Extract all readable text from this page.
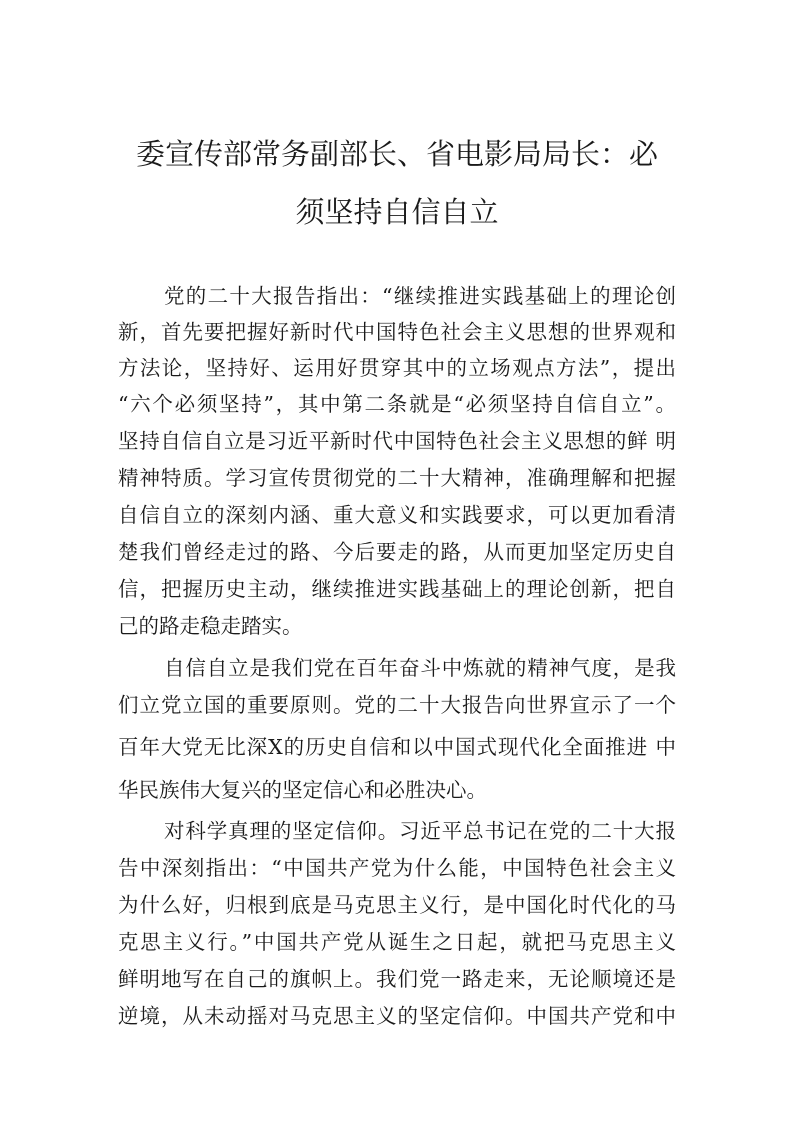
委宣传部常务副部长、省电影局局长：必
须坚持自信自立
党的二十大报告指出：“继续推进实践基础上的理论创
新，首先要把握好新时代中国特色社会主义思想的世界观和
方法论，坚持好、运用好贯穿其中的立场观点方法”，提出
“六个必须坚持”，其中第二条就是“必须坚持自信自立”。
坚持自信自立是习近平新时代中国特色社会主义思想的鲜 明
精神特质。学习宣传贯彻党的二十大精神，准确理解和把握
自信自立的深刻内涵、重大意义和实践要求，可以更加看清
楚我们曾经走过的路、今后要走的路，从而更加坚定历史自
信，把握历史主动，继续推进实践基础上的理论创新，把自
己的路走稳走踏实。
自信自立是我们党在百年奋斗中炼就的精神气度，是我
们立党立国的重要原则。党的二十大报告向世界宣示了一个
百年大党无比深X的历史自信和以中国式现代化全面推进 中
华民族伟大复兴的坚定信心和必胜决心。
对科学真理的坚定信仰。习近平总书记在党的二十大报
告中深刻指出：“中国共产党为什么能，中国特色社会主义
为什么好，归根到底是马克思主义行，是中国化时代化的马
克思主义行。”中国共产党从诞生之日起，就把马克思主义
鲜明地写在自己的旗帜上。我们党一路走来，无论顺境还是
逆境，从未动摇对马克思主义的坚定信仰。中国共产党和中
